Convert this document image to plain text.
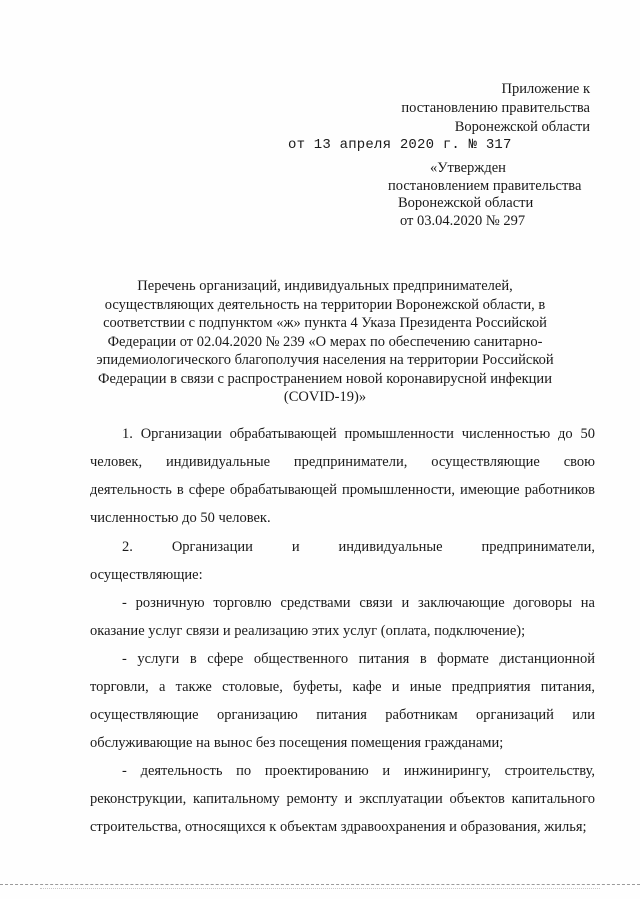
Приложение к
постановлению правительства
Воронежской области
от 13 апреля 2020 г. № 317
«Утвержден
постановлением правительства
Воронежской области
от 03.04.2020 № 297
Перечень организаций, индивидуальных предпринимателей,
осуществляющих деятельность на территории Воронежской области, в
соответствии с подпунктом «ж» пункта 4 Указа Президента Российской
Федерации от 02.04.2020 № 239 «О мерах по обеспечению санитарно-
эпидемиологического благополучия населения на территории Российской
Федерации в связи с распространением новой коронавирусной инфекции
(COVID-19)»

1. Организации обрабатывающей промышленности численностью до 50 человек, индивидуальные предприниматели, осуществляющие свою деятельность в сфере обрабатывающей промышленности, имеющие работников численностью до 50 человек.

2.	Организации	и	индивидуальные	предприниматели,

осуществляющие:

- розничную торговлю средствами связи и заключающие договоры на оказание услуг связи и реализацию этих услуг (оплата, подключение);

- услуги в сфере общественного питания в формате дистанционной торговли, а также столовые, буфеты, кафе и иные предприятия питания, осуществляющие организацию питания работникам организаций или обслуживающие на вынос без посещения помещения гражданами;

- деятельность по проектированию и инжинирингу, строительству, реконструкции, капитальному ремонту и эксплуатации объектов капитального строительства, относящихся к объектам здравоохранения и образования, жилья;
